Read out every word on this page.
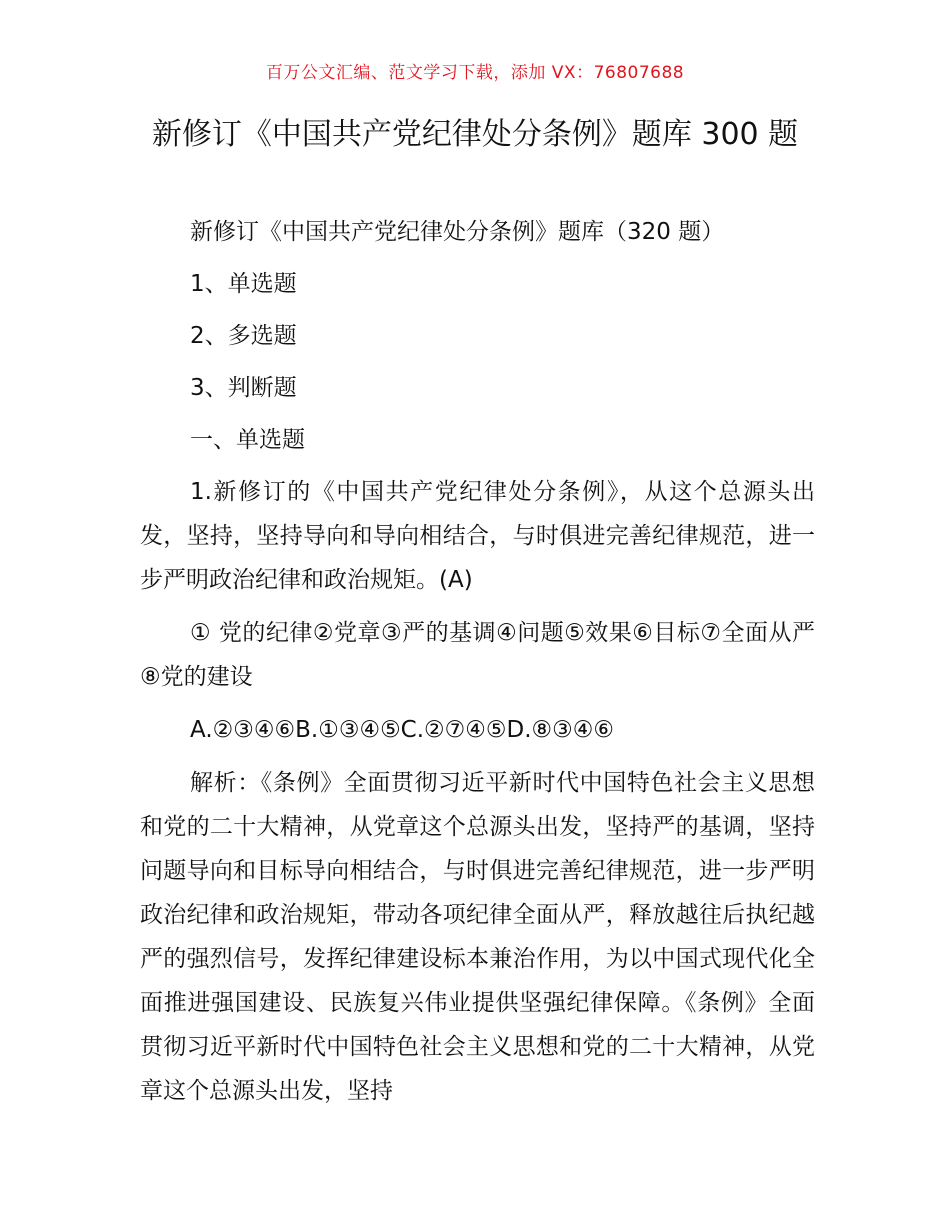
百万公文汇编、范文学习下载，添加 VX：76807688
新修订《中国共产党纪律处分条例》题库 300 题

新修订《中国共产党纪律处分条例》题库（320 题）

1、单选题

2、多选题

3、判断题

一、单选题

1.新修订的《中国共产党纪律处分条例》，从这个总源头出发，坚持，坚持导向和导向相结合，与时俱进完善纪律规范，进一步严明政治纪律和政治规矩。(A)

① 党的纪律②党章③严的基调④问题⑤效果⑥目标⑦全面从严⑧党的建设

A.②③④⑥B.①③④⑤C.②⑦④⑤D.⑧③④⑥

解析：《条例》全面贯彻习近平新时代中国特色社会主义思想和党的二十大精神，从党章这个总源头出发，坚持严的基调，坚持问题导向和目标导向相结合，与时俱进完善纪律规范，进一步严明政治纪律和政治规矩，带动各项纪律全面从严，释放越往后执纪越严的强烈信号，发挥纪律建设标本兼治作用，为以中国式现代化全面推进强国建设、民族复兴伟业提供坚强纪律保障。《条例》全面贯彻习近平新时代中国特色社会主义思想和党的二十大精神，从党章这个总源头出发，坚持
